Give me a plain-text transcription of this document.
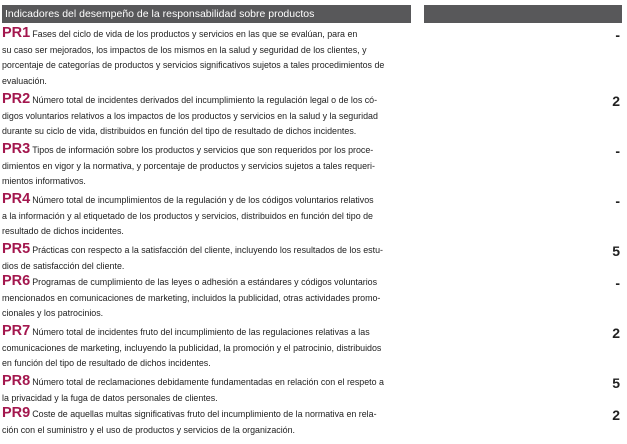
Indicadores del desempeño de la responsabilidad sobre productos
PR1 Fases del ciclo de vida de los productos y servicios en las que se evalúan, para en
su caso ser mejorados, los impactos de los mismos en la salud y seguridad de los clientes, y
porcentaje de categorías de productos y servicios significativos sujetos a tales procedimientos de
evaluación.
-
PR2 Número total de incidentes derivados del incumplimiento la regulación legal o de los có-
digos voluntarios relativos a los impactos de los productos y servicios en la salud y la seguridad
durante su ciclo de vida, distribuidos en función del tipo de resultado de dichos incidentes.
2
PR3 Tipos de información sobre los productos y servicios que son requeridos por los proce-
dimientos en vigor y la normativa, y porcentaje de productos y servicios sujetos a tales requeri-
mientos informativos.
-
PR4 Número total de incumplimientos de la regulación y de los códigos voluntarios relativos
a la información y al etiquetado de los productos y servicios, distribuidos en función del tipo de
resultado de dichos incidentes.
-
PR5 Prácticas con respecto a la satisfacción del cliente, incluyendo los resultados de los estu-
dios de satisfacción del cliente.
5
PR6 Programas de cumplimiento de las leyes o adhesión a estándares y códigos voluntarios
mencionados en comunicaciones de marketing, incluidos la publicidad, otras actividades promo-
cionales y los patrocinios.
-
PR7 Número total de incidentes fruto del incumplimiento de las regulaciones relativas a las
comunicaciones de marketing, incluyendo la publicidad, la promoción y el patrocinio, distribuidos
en función del tipo de resultado de dichos incidentes.
2
PR8 Número total de reclamaciones debidamente fundamentadas en relación con el respeto a
la privacidad y la fuga de datos personales de clientes.
5
PR9 Coste de aquellas multas significativas fruto del incumplimiento de la normativa en rela-
ción con el suministro y el uso de productos y servicios de la organización.
2
